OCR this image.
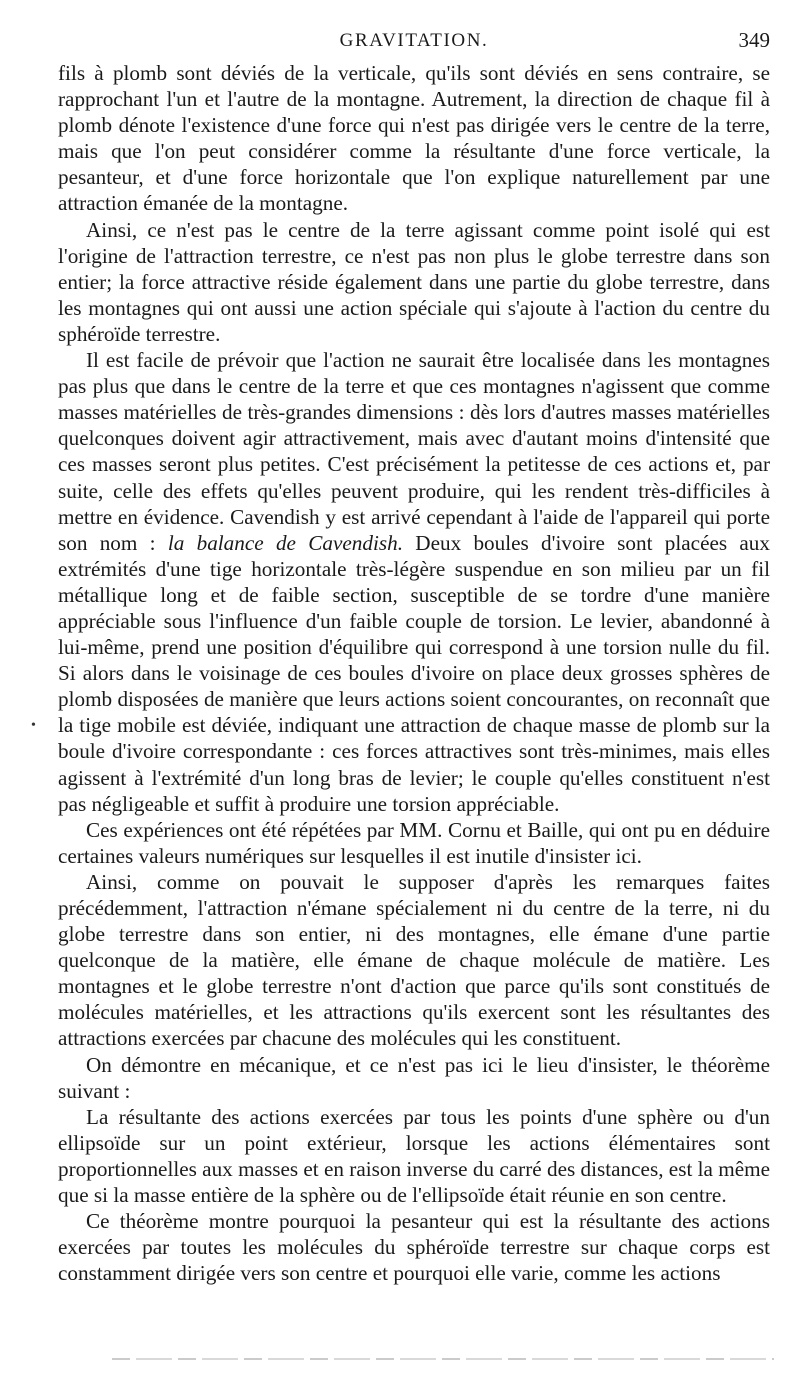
GRAVITATION.	349

fils à plomb sont déviés de la verticale, qu'ils sont déviés en sens contraire, se rapprochant l'un et l'autre de la montagne. Autrement, la direction de chaque fil à plomb dénote l'existence d'une force qui n'est pas dirigée vers le centre de la terre, mais que l'on peut considérer comme la résultante d'une force verticale, la pesanteur, et d'une force horizontale que l'on explique naturellement par une attraction émanée de la montagne.

Ainsi, ce n'est pas le centre de la terre agissant comme point isolé qui est l'origine de l'attraction terrestre, ce n'est pas non plus le globe terrestre dans son entier; la force attractive réside également dans une partie du globe terrestre, dans les montagnes qui ont aussi une action spéciale qui s'ajoute à l'action du centre du sphéroïde terrestre.

Il est facile de prévoir que l'action ne saurait être localisée dans les montagnes pas plus que dans le centre de la terre et que ces montagnes n'agissent que comme masses matérielles de très-grandes dimensions : dès lors d'autres masses matérielles quelconques doivent agir attractivement, mais avec d'autant moins d'intensité que ces masses seront plus petites. C'est précisément la petitesse de ces actions et, par suite, celle des effets qu'elles peuvent produire, qui les rendent très-difficiles à mettre en évidence. Cavendish y est arrivé cependant à l'aide de l'appareil qui porte son nom : la balance de Cavendish. Deux boules d'ivoire sont placées aux extrémités d'une tige horizontale très-légère suspendue en son milieu par un fil métallique long et de faible section, susceptible de se tordre d'une manière appréciable sous l'influence d'un faible couple de torsion. Le levier, abandonné à lui-même, prend une position d'équilibre qui correspond à une torsion nulle du fil. Si alors dans le voisinage de ces boules d'ivoire on place deux grosses sphères de plomb disposées de manière que leurs actions soient concourantes, on reconnaît que la tige mobile est déviée, indiquant une attraction de chaque masse de plomb sur la boule d'ivoire correspondante : ces forces attractives sont très-minimes, mais elles agissent à l'extrémité d'un long bras de levier; le couple qu'elles constituent n'est pas négligeable et suffit à produire une torsion appréciable.

Ces expériences ont été répétées par MM. Cornu et Baille, qui ont pu en déduire certaines valeurs numériques sur lesquelles il est inutile d'insister ici.

Ainsi, comme on pouvait le supposer d'après les remarques faites précédemment, l'attraction n'émane spécialement ni du centre de la terre, ni du globe terrestre dans son entier, ni des montagnes, elle émane d'une partie quelconque de la matière, elle émane de chaque molécule de matière. Les montagnes et le globe terrestre n'ont d'action que parce qu'ils sont constitués de molécules matérielles, et les attractions qu'ils exercent sont les résultantes des attractions exercées par chacune des molécules qui les constituent.

On démontre en mécanique, et ce n'est pas ici le lieu d'insister, le théorème suivant :

La résultante des actions exercées par tous les points d'une sphère ou d'un ellipsoïde sur un point extérieur, lorsque les actions élémentaires sont proportionnelles aux masses et en raison inverse du carré des distances, est la même que si la masse entière de la sphère ou de l'ellipsoïde était réunie en son centre.

Ce théorème montre pourquoi la pesanteur qui est la résultante des actions exercées par toutes les molécules du sphéroïde terrestre sur chaque corps est constamment dirigée vers son centre et pourquoi elle varie, comme les actions

•
